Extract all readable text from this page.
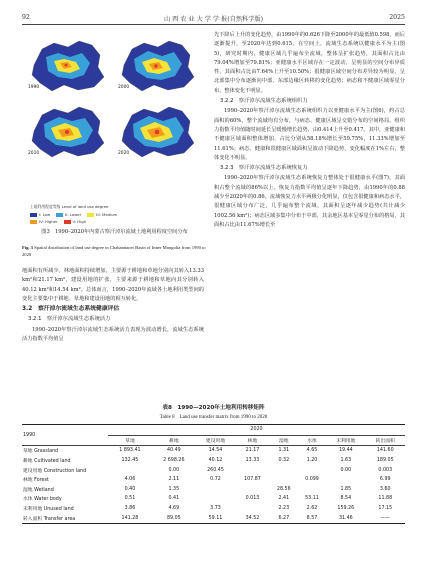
92	山 西 农 业 大 学 学 报(自然科学版)	2025
1990	2000
2010	2020
土地利用程度等级 Level of land use degree
I: Low	II: Lower	III: Medium
IV: Higher	V: High
图3　1990–2020年内蒙古察汗淖尔流域土地利用程度空间分布
Fig. 3 Spatial distribution of land use degree in Chahannaoer Basin of Inner Mongolia from 1990 to 2020

地面积有所减少。林地面积持续增加，主要源于耕地和草地分别向其转入13.33 km²和21.17 km²，建设用地的扩张，主要来源于耕地和草地向其分别转入40.12 km²和14.54 km²。总体而言，1990–2020年流域各土地利用类型间的变化主要集中于耕地、草地和建设用地的相互转化。

3.2　察汗淖尔流域生态系统健康评估
3.2.1　察汗淖尔流域生态系统活力

1990–2020年察汗淖尔流域生态系统活力表现为波动增长，流域生态系统活力指数平均值呈

先下降后上升的变化趋势，由1990年的0.626下降至2000年的最低值0.598，而后逐渐提升，至2020年达到0.615。在空间上，流域生态系统以健康水平为主(图5)，研究时期内，健康区域几乎遍布全流域，整体呈扩张趋势，其面积占比由79.04%增加至79.81%；亚健康水平区域存在一定波动，呈明显的空间分布异质性，其面积占比由7.64%上升至10.50%；很健康区域空间分布差异较为明显，呈北部集中分布逐渐向中部、东部边缘区转移的变化趋势；病态和不健康区域零星分布，整体变化不明显。

3.2.2　察汗淖尔流域生态系统组织力

1990–2020年察汗淖尔流域生态系统组织力以亚健康水平为主(图6)，约占总面积的60%，整个流域均有分布，与病态、健康区域呈交错分布的空间格局。组织力指数平均值随时间延长呈缓慢增长趋势，由0.414上升至0.417。其中，亚健康和不健康区域面积整体增加，占比分别从58.18%增长至59.75%，11.33%增加至11.61%；病态、健康和很健康区域面积呈波动下降趋势，变化幅度在1%左右，整体变化不明显。

3.2.3　察汗淖尔流域生态系统恢复力

1990–2020年察汗淖尔流域生态系统恢复力整体处于很健康水平(图7)，其面积占整个流域的86%以上。恢复力指数平均值呈逐年下降趋势，由1990年的0.88减少至2020年的0.86。流域恢复力水平两极分化明显，仅包含很健康和病态水平，很健康区域分布广泛，几乎遍布整个流域，其面积呈逐年减少趋势(共计减少1002.56 km²)；病态区域多集中分布于中部，其余地区基本呈零星分布的格局，其面积占比由11.67%增长至

表8　1990—2020年土地利用转移矩阵
Table 8　Land use transfer matrix from 1990 to 2020
1990	2020							
	草地	耕地	建设用地	林地	湿地	水体	未利用地	转出面积
草地 Grassland	1 893.41	40.49	14.54	21.17	1.31	4.65	19.44	141.60
耕地 Cultivated land	132.45	2 698.26	40.12	13.33	0.32	1.20	1.63	189.05
建设用地 Construction land		0.00	260.45				0.00	0.003
林地 Forest	4.06	2.11	0.72	107.87		0.099		6.99
湿地 Wetland	0.40	1.35			28.56		1.85	3.60
水体 Water body	0.51	0.41		0.013	2.41	53.11	8.54	11.88
未利用地 Unused land	3.86	4.69	3.73		2.23	2.62	159.26	17.15
转入面积 Transfer area	141.28	89.05	59.11	34.52	6.27	8.57	31.46	——
